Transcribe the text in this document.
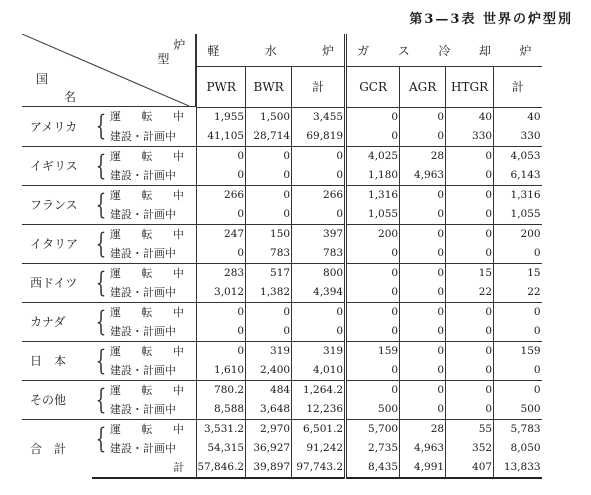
第3—3表 世界の炉型別
炉
型
国
名			軽 水 炉			ガ ス 冷 却 炉			

			PWR	BWR	計	GCR	AGR	HTGR	計
アメリカ	{	運 転 中	1,955	1,500	3,455	0	0	40	40
		建設・計画中	41,105	28,714	69,819	0	0	330	330
イギリス	{	運 転 中	0	0	0	4,025	28	0	4,053
		建設・計画中	0	0	0	1,180	4,963	0	6,143
フランス	{	運 転 中	266	0	266	1,316	0	0	1,316
		建設・計画中	0	0	0	1,055	0	0	1,055
イタリア	{	運 転 中	247	150	397	200	0	0	200
		建設・計画中	0	783	783	0	0	0	0
西ドイツ	{	運 転 中	283	517	800	0	0	15	15
		建設・計画中	3,012	1,382	4,394	0	0	22	22
カナダ	{	運 転 中	0	0	0	0	0	0	0
		建設・計画中	0	0	0	0	0	0	0
日　本	{	運 転 中	0	319	319	159	0	0	159
		建設・計画中	1,610	2,400	4,010	0	0	0	0
その他	{	運 転 中	780.2	484	1,264.2	0	0	0	0
		建設・計画中	8,588	3,648	12,236	500	0	0	500
合　計	{	運 転 中	3,531.2	2,970	6,501.2	5,700	28	55	5,783
		建設・計画中	54,315	36,927	91,242	2,735	4,963	352	8,050
		計	57,846.2	39,897	97,743.2	8,435	4,991	407	13,833
